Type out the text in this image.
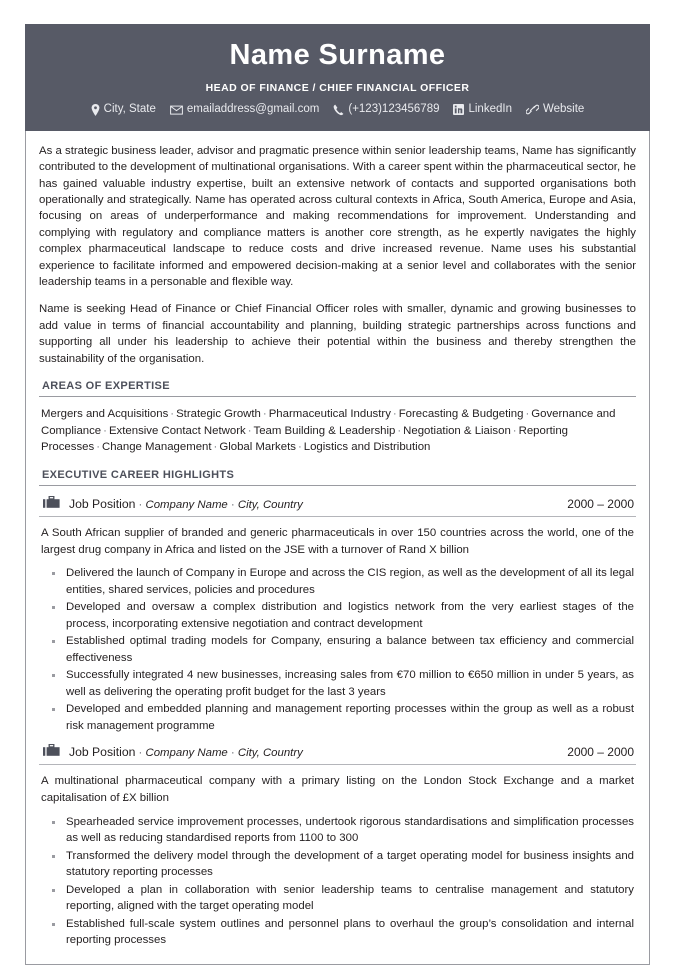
Name Surname
HEAD OF FINANCE / CHIEF FINANCIAL OFFICER
City, State	emailaddress@gmail.com	(+123)123456789	LinkedIn	Website

As a strategic business leader, advisor and pragmatic presence within senior leadership teams, Name has significantly contributed to the development of multinational organisations. With a career spent within the pharmaceutical sector, he has gained valuable industry expertise, built an extensive network of contacts and supported organisations both operationally and strategically. Name has operated across cultural contexts in Africa, South America, Europe and Asia, focusing on areas of underperformance and making recommendations for improvement. Understanding and complying with regulatory and compliance matters is another core strength, as he expertly navigates the highly complex pharmaceutical landscape to reduce costs and drive increased revenue. Name uses his substantial experience to facilitate informed and empowered decision-making at a senior level and collaborates with the senior leadership teams in a personable and flexible way.

Name is seeking Head of Finance or Chief Financial Officer roles with smaller, dynamic and growing businesses to add value in terms of financial accountability and planning, building strategic partnerships across functions and supporting all under his leadership to achieve their potential within the business and thereby strengthen the sustainability of the organisation.

AREAS OF EXPERTISE
Mergers and Acquisitions · Strategic Growth · Pharmaceutical Industry · Forecasting & Budgeting · Governance and Compliance · Extensive Contact Network · Team Building & Leadership · Negotiation & Liaison · Reporting Processes · Change Management · Global Markets · Logistics and Distribution
EXECUTIVE CAREER HIGHLIGHTS
Job Position · Company Name · City, Country	2000 – 2000

A South African supplier of branded and generic pharmaceuticals in over 150 countries across the world, one of the largest drug company in Africa and listed on the JSE with a turnover of Rand X billion

Delivered the launch of Company in Europe and across the CIS region, as well as the development of all its legal entities, shared services, policies and procedures
Developed and oversaw a complex distribution and logistics network from the very earliest stages of the process, incorporating extensive negotiation and contract development
Established optimal trading models for Company, ensuring a balance between tax efficiency and commercial effectiveness
Successfully integrated 4 new businesses, increasing sales from €70 million to €650 million in under 5 years, as well as delivering the operating profit budget for the last 3 years
Developed and embedded planning and management reporting processes within the group as well as a robust risk management programme
Job Position · Company Name · City, Country	2000 – 2000

A multinational pharmaceutical company with a primary listing on the London Stock Exchange and a market capitalisation of £X billion

Spearheaded service improvement processes, undertook rigorous standardisations and simplification processes as well as reducing standardised reports from 1100 to 300
Transformed the delivery model through the development of a target operating model for business insights and statutory reporting processes
Developed a plan in collaboration with senior leadership teams to centralise management and statutory reporting, aligned with the target operating model
Established full-scale system outlines and personnel plans to overhaul the group’s consolidation and internal reporting processes
